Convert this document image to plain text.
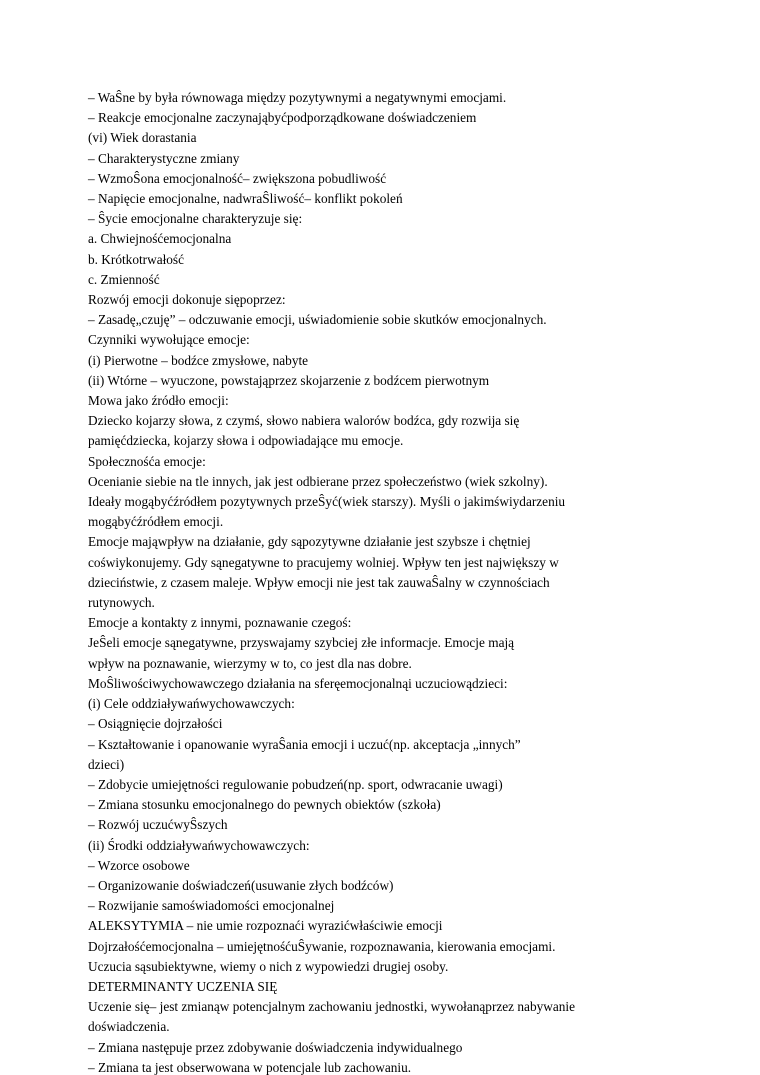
– WaŜne by była równowaga między pozytywnymi a negatywnymi emocjami.

– Reakcje emocjonalne zaczynająbyćpodporządkowane doświadczeniem

(vi) Wiek dorastania

– Charakterystyczne zmiany

– WzmoŜona emocjonalność– zwiększona pobudliwość

– Napięcie emocjonalne, nadwraŜliwość– konflikt pokoleń

– Ŝycie emocjonalne charakteryzuje się:

a. Chwiejnośćemocjonalna

b. Krótkotrwałość

c. Zmienność

Rozwój emocji dokonuje siępoprzez:

– Zasadę„czuję” – odczuwanie emocji, uświadomienie sobie skutków emocjonalnych.

Czynniki wywołujące emocje:

(i) Pierwotne – bodźce zmysłowe, nabyte

(ii) Wtórne – wyuczone, powstająprzez skojarzenie z bodźcem pierwotnym

Mowa jako źródło emocji:

Dziecko kojarzy słowa, z czymś, słowo nabiera walorów bodźca, gdy rozwija się

pamięćdziecka, kojarzy słowa i odpowiadające mu emocje.

Społecznośća emocje:

Ocenianie siebie na tle innych, jak jest odbierane przez społeczeństwo (wiek szkolny).

Ideały mogąbyćźródłem pozytywnych przeŜyć(wiek starszy). Myśli o jakimświydarzeniu

mogąbyćźródłem emocji.

Emocje mająwpływ na działanie, gdy sąpozytywne działanie jest szybsze i chętniej

coświykonujemy. Gdy sąnegatywne to pracujemy wolniej. Wpływ ten jest największy w

dzieciństwie, z czasem maleje. Wpływ emocji nie jest tak zauwaŜalny w czynnościach

rutynowych.

Emocje a kontakty z innymi, poznawanie czegoś:

JeŜeli emocje sąnegatywne, przyswajamy szybciej złe informacje. Emocje mają

wpływ na poznawanie, wierzymy w to, co jest dla nas dobre.

MoŜliwościwychowawczego działania na sferęemocjonalnąi uczuciowądzieci:

(i) Cele oddziaływańwychowawczych:

– Osiągnięcie dojrzałości

– Kształtowanie i opanowanie wyraŜania emocji i uczuć(np. akceptacja „innych”

dzieci)

– Zdobycie umiejętności regulowanie pobudzeń(np. sport, odwracanie uwagi)

– Zmiana stosunku emocjonalnego do pewnych obiektów (szkoła)

– Rozwój uczućwyŜszych

(ii) Środki oddziaływańwychowawczych:

– Wzorce osobowe

– Organizowanie doświadczeń(usuwanie złych bodźców)

– Rozwijanie samoświadomości emocjonalnej

ALEKSYTYMIA – nie umie rozpoznaći wyrazićwłaściwie emocji

Dojrzałośćemocjonalna – umiejętnośćuŜywanie, rozpoznawania, kierowania emocjami.

Uczucia sąsubiektywne, wiemy o nich z wypowiedzi drugiej osoby.

DETERMINANTY UCZENIA SIĘ

Uczenie się– jest zmianąw potencjalnym zachowaniu jednostki, wywołanąprzez nabywanie

doświadczenia.

– Zmiana następuje przez zdobywanie doświadczenia indywidualnego

– Zmiana ta jest obserwowana w potencjale lub zachowaniu.
